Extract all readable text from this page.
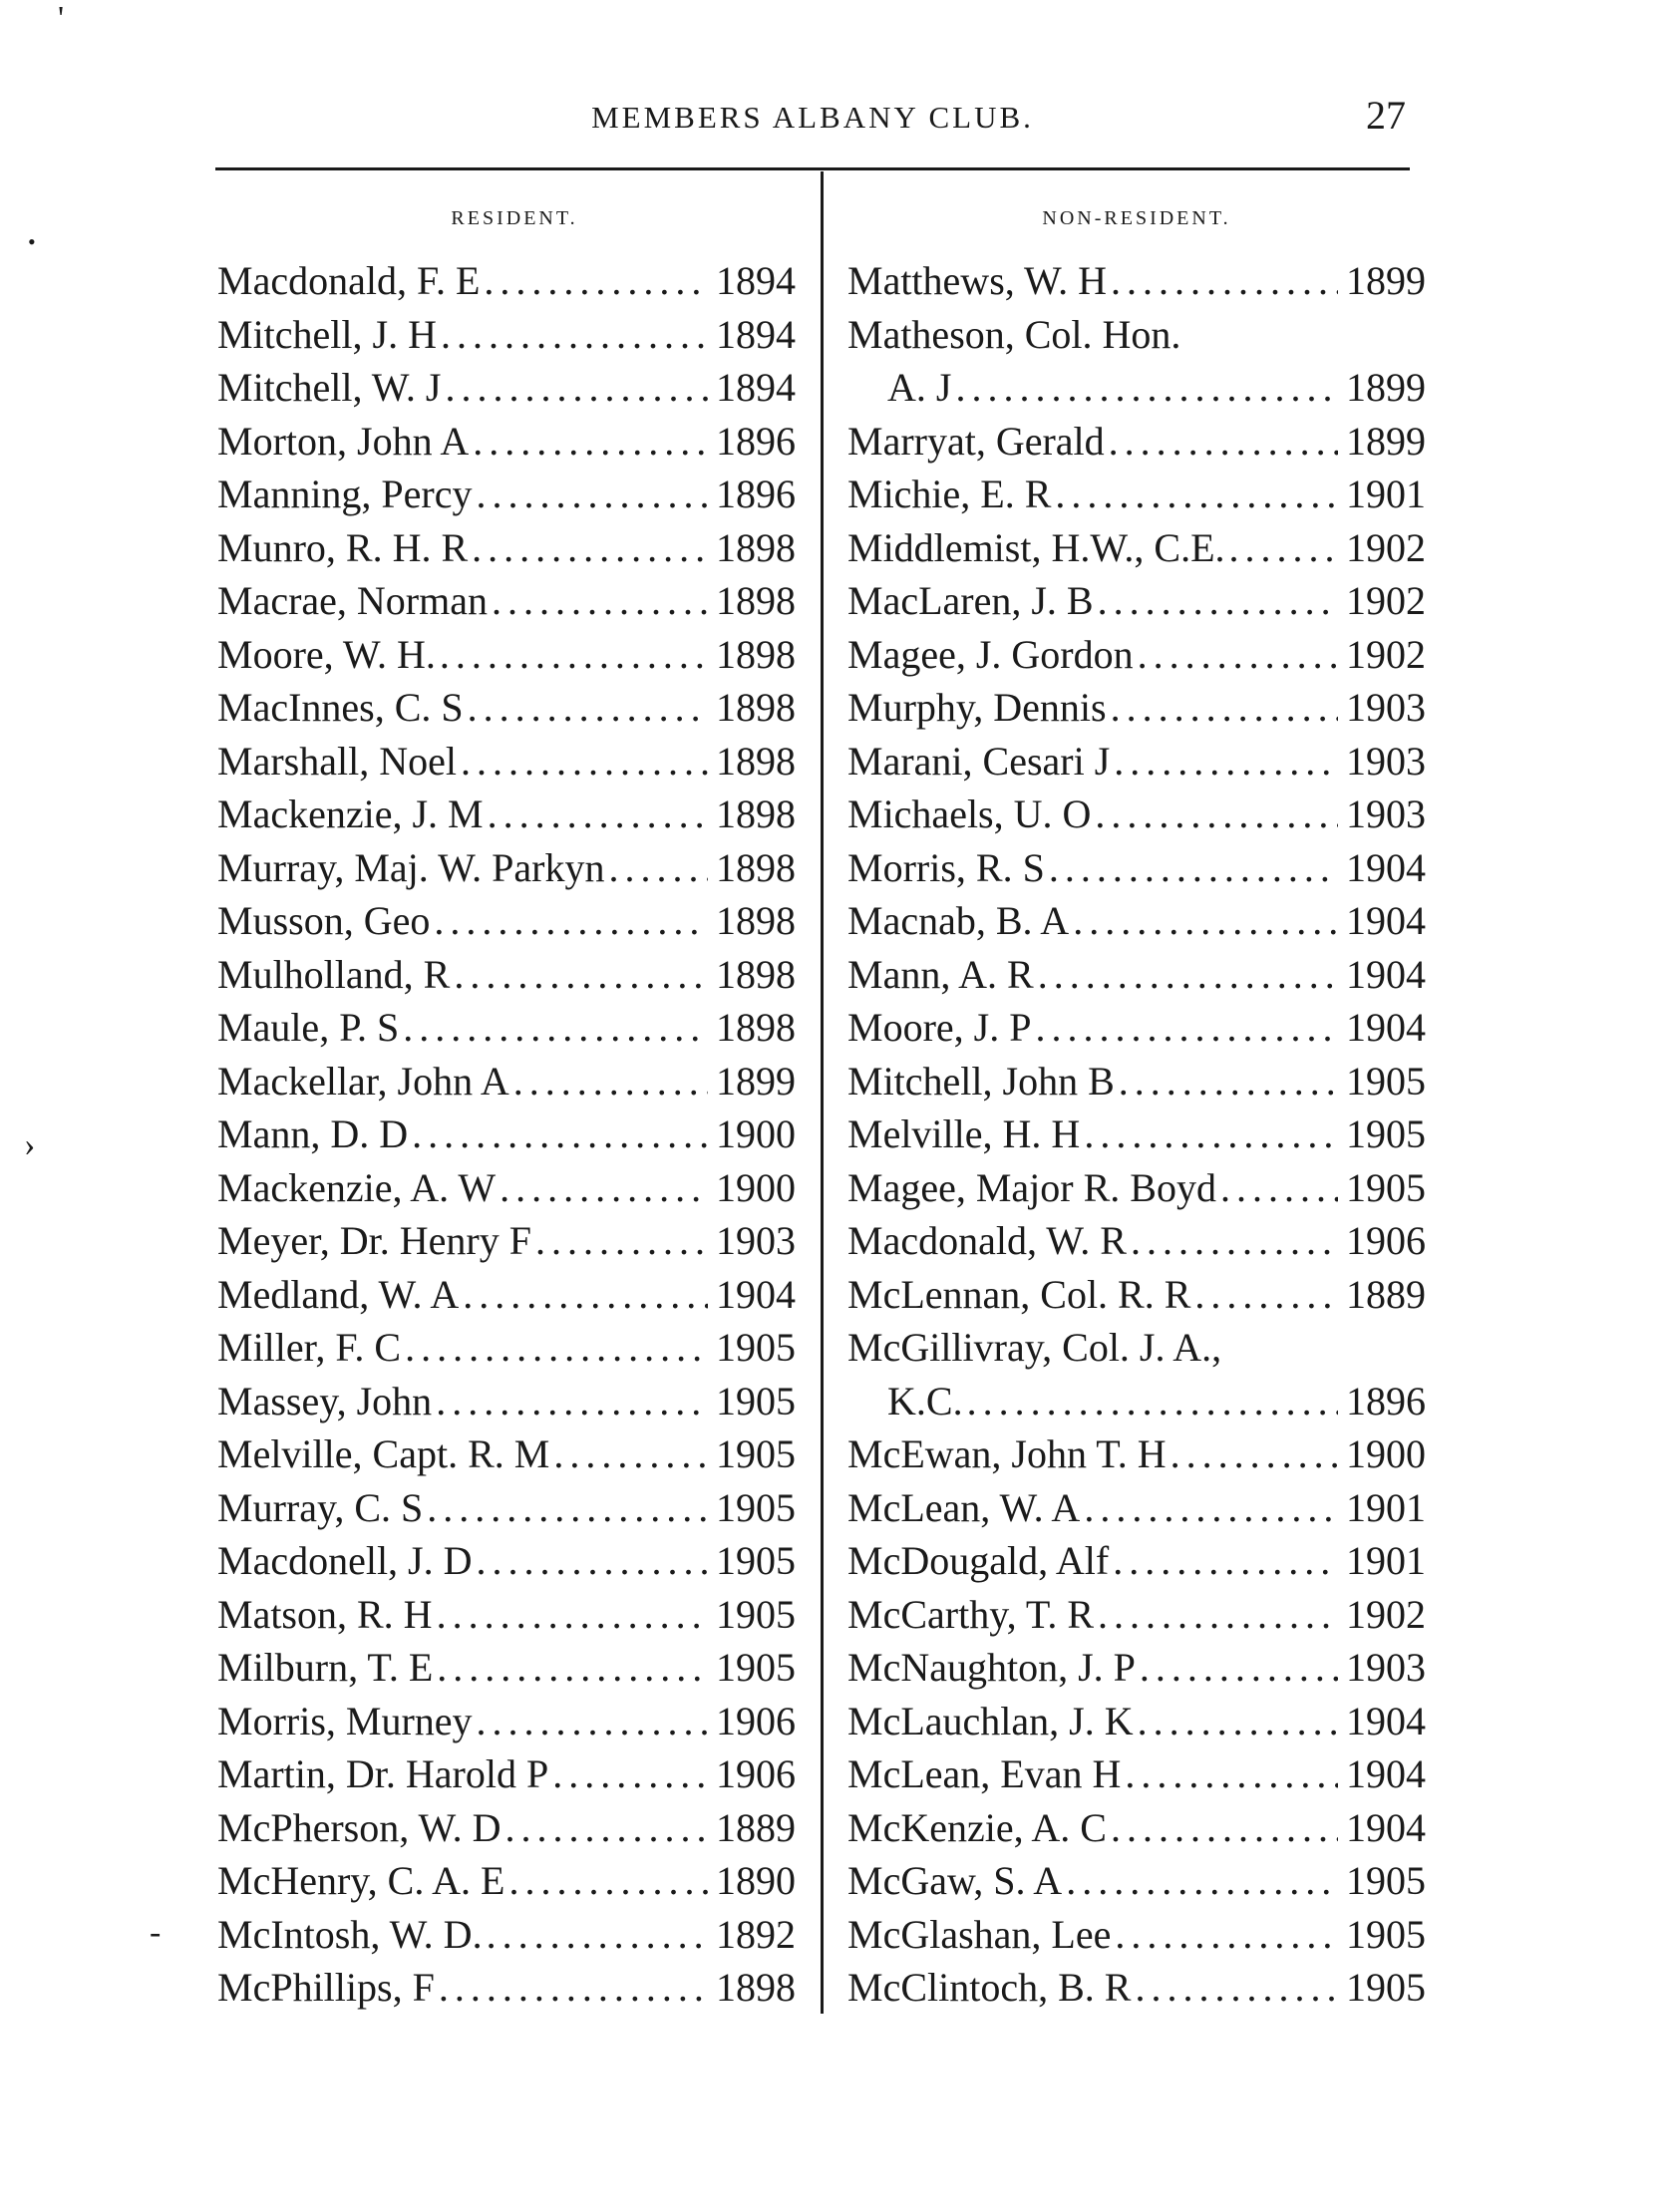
MEMBERS ALBANY CLUB.	27
RESIDENT.	NON-RESIDENT.
Macdonald, F. E .....	1894
Mitchell, J. H .....	1894
Mitchell, W. J .....	1894
Morton, John A .....	1896
Manning, Percy .....	1896
Munro, R. H. R .....	1898
Macrae, Norman .....	1898
Moore, W. H. .....	1898
MacInnes, C. S .....	1898
Marshall, Noel .....	1898
Mackenzie, J. M .....	1898
Murray, Maj. W. Parkyn .....	1898
Musson, Geo .....	1898
Mulholland, R .....	1898
Maule, P. S .....	1898
Mackellar, John A .....	1899
Mann, D. D .....	1900
Mackenzie, A. W .....	1900
Meyer, Dr. Henry F .....	1903
Medland, W. A .....	1904
Miller, F. C .....	1905
Massey, John .....	1905
Melville, Capt. R. M .....	1905
Murray, C. S .....	1905
Macdonell, J. D .....	1905
Matson, R. H .....	1905
Milburn, T. E .....	1905
Morris, Murney .....	1906
Martin, Dr. Harold P .....	1906
McPherson, W. D .....	1889
McHenry, C. A. E .....	1890
McIntosh, W. D. .....	1892
McPhillips, F .....	1898
Matthews, W. H .....	1899
Matheson, Col. Hon.
A. J .....	1899
Marryat, Gerald .....	1899
Michie, E. R .....	1901
Middlemist, H.W., C.E. .....	1902
MacLaren, J. B .....	1902
Magee, J. Gordon .....	1902
Murphy, Dennis .....	1903
Marani, Cesari J .....	1903
Michaels, U. O .....	1903
Morris, R. S .....	1904
Macnab, B. A .....	1904
Mann, A. R .....	1904
Moore, J. P .....	1904
Mitchell, John B .....	1905
Melville, H. H .....	1905
Magee, Major R. Boyd .....	1905
Macdonald, W. R .....	1906
McLennan, Col. R. R .....	1889
McGillivray, Col. J. A.,
K.C. .....	1896
McEwan, John T. H .....	1900
McLean, W. A .....	1901
McDougald, Alf .....	1901
McCarthy, T. R .....	1902
McNaughton, J. P .....	1903
McLauchlan, J. K .....	1904
McLean, Evan H .....	1904
McKenzie, A. C .....	1904
McGaw, S. A .....	1905
McGlashan, Lee .....	1905
McClintoch, B. R .....	1905
'
•
›
-
